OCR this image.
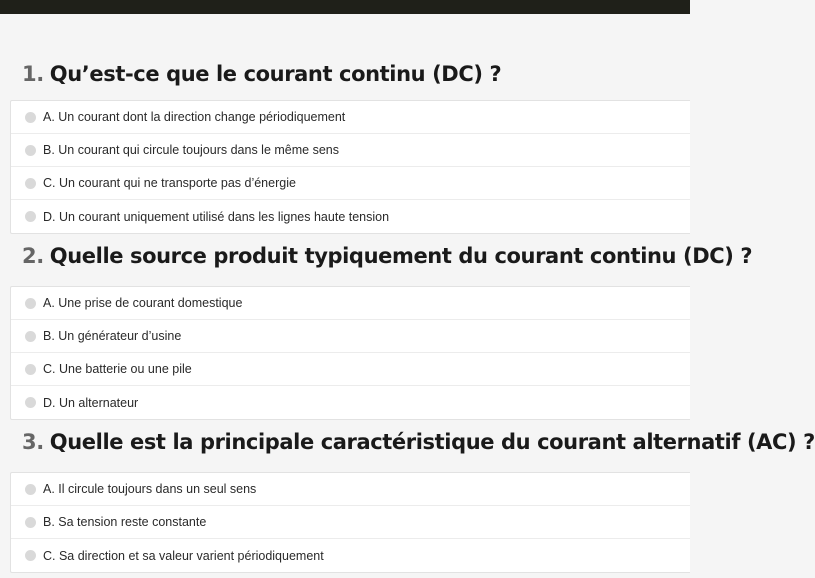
1. Qu’est-ce que le courant continu (DC) ?
A. Un courant dont la direction change périodiquement
B. Un courant qui circule toujours dans le même sens
C. Un courant qui ne transporte pas d’énergie
D. Un courant uniquement utilisé dans les lignes haute tension
2. Quelle source produit typiquement du courant continu (DC) ?
A. Une prise de courant domestique
B. Un générateur d’usine
C. Une batterie ou une pile
D. Un alternateur
3. Quelle est la principale caractéristique du courant alternatif (AC) ?
A. Il circule toujours dans un seul sens
B. Sa tension reste constante
C. Sa direction et sa valeur varient périodiquement
